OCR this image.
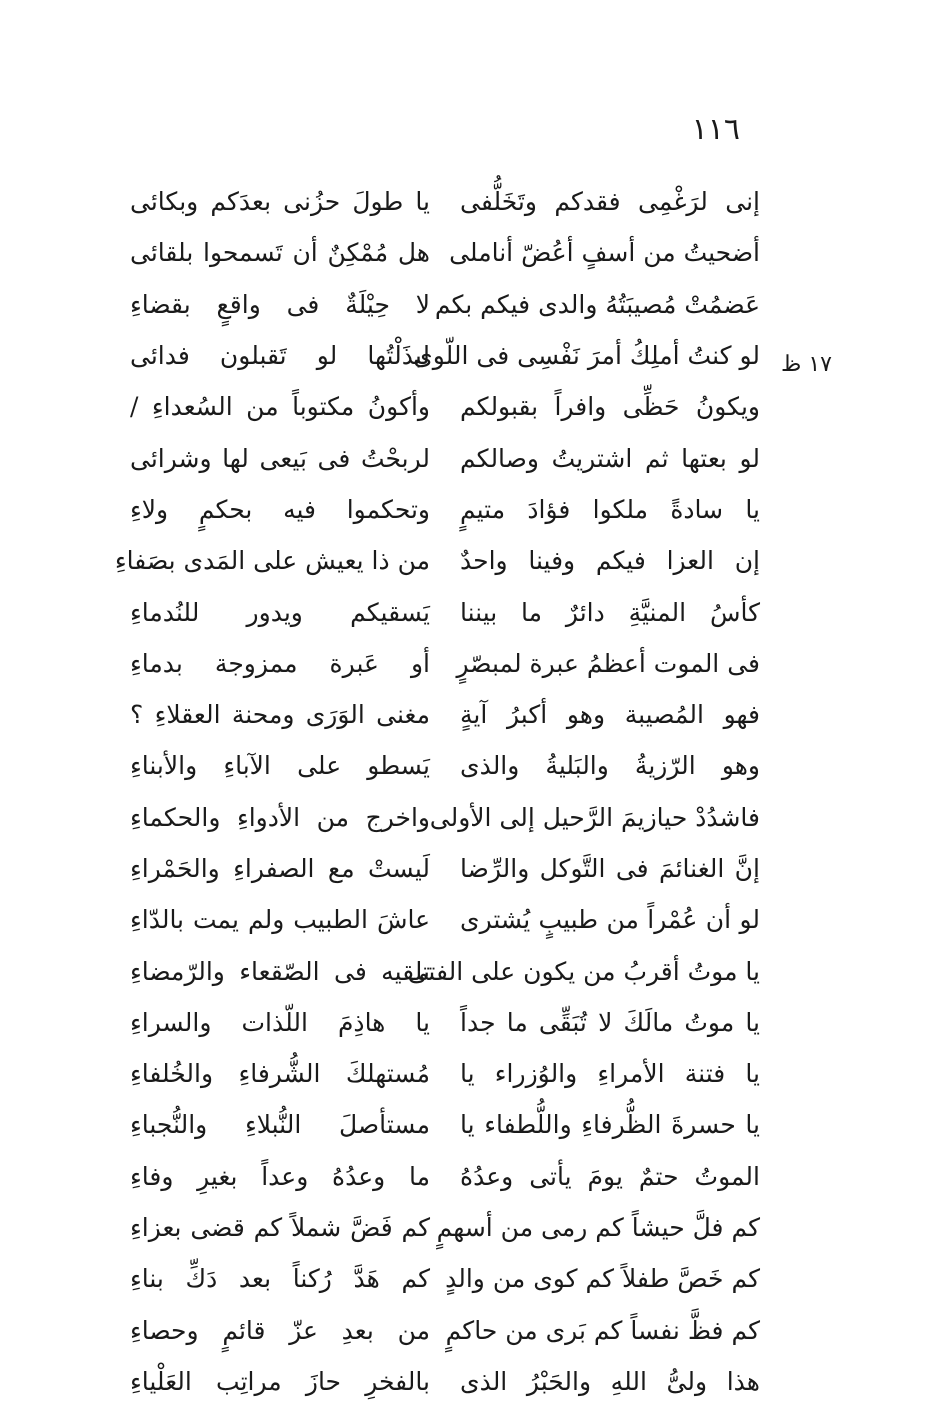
١١٦
١٧ ظ
إنى لرَغْمِى فقدكم وتَخَلُّفى
يا طولَ حزُنى بعدَكم وبكائى
أضحيتُ من أسفٍ أعُضّ أناملى
هل مُمْكِنٌ أن تَسمحوا بلقائى
عَضمُتْ مُصيبَتُهُ والدى فيكم بكم
لا حِيْلَةٌ فى واقعٍ بقضاءِ
لو كنتُ أملِكُ أمرَ نَفْسِى فى اللّوى
لبذَلْتُها لو تَقبلون فدائى
ويكونُ حَظِّى وافراً بقبولكم
وأكونُ مكتوباً من السُعداءِ /
لو بعتها ثم اشتريتُ وصالكم
لربحْتُ فى بَيعى لها وشرائى
يا سادةً ملكوا فؤادَ متيمٍ
وتحكموا فيه بحكمٍ ولاءِ
إن العزا فيكم وفينا واحدٌ
من ذا يعيش على المَدى بصَفاءِ
كأسُ المنيَّةِ دائرٌ ما بيننا
يَسقيكم ويدور للنُدماءِ
فى الموت أعظمُ عبرة لمبصّرٍ
أو عَبرة ممزوجة بدماءِ
فهو المُصيبة وهو أكبرُ آيةٍ
مغنى الوَرَى ومحنة العقلاءِ ؟
وهو الرّزيةُ والبَليةُ والذى
يَسطو على الآباءِ والأبناءِ
فاشدُدْ حيازيمَ الرَّحيل إلى الأولى
واخرج من الأدواءِ والحكماءِ
إنَّ الغنائمَ فى التَّوكل والرِّضا
لَيستْ مع الصفراءِ والحَمْراءِ
لو أن عُمْراً من طبيبٍ يُشترى
عاشَ الطبيب ولم يمت بالدّاءِ
يا موتُ أقربُ من يكون على الفتى
تلقيه فى الصّقعاء والرّمضاءِ
يا موتُ مالَكَ لا تُبَقِّى ما جداً
يا هاذِمَ اللّذات والسراءِ
يا فتنة الأمراءِ والوُزراء يا
مُستهلكَ الشُّرفاءِ والخُلفاءِ
يا حسرةَ الظُّرفاءِ واللُّطفاء يا
مستأصلَ النُّبلاءِ والنُّجباءِ
الموتُ حتمٌ يومَ يأتى وعدُهُ
ما وعدُهُ وعداً بغيرِ وفاءِ
كم فلَّ حيشاً كم رمى من أسهمٍ
كم فَضَّ شملاً كم قضى بعزاءِ
كم خَصَّ طفلاً كم كوى من والدٍ
كم هَدَّ رُكناً بعد دَكِّ بناءِ
كم فظَّ نفساً كم بَرى من حاكمٍ
من بعدِ عزّ قائمٍ وحصاءِ
هذا ولىُّ اللهِ والحَبْرُ الذى
بالفخرِ حازَ مراتِب العَلْياءِ
